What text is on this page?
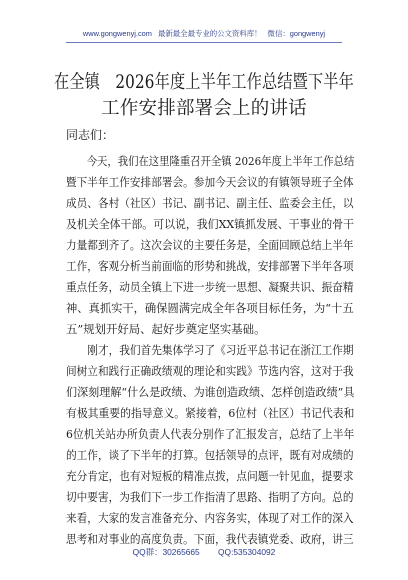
www.gongwenyj.com 最新最全最专业的公文资料库！ 微信：gongwenyj
在全镇　2026年度上半年工作总结暨下半年
工作安排部署会上的讲话
同志们：
　　今天，我们在这里隆重召开全镇 2026年度上半年工作总结
暨下半年工作安排部署会。参加今天会议的有镇领导班子全体
成员、各村（社区）书记、副书记、副主任、监委会主任，以
及机关全体干部。可以说，我们XX镇抓发展、干事业的骨干
力量都到齐了。这次会议的主要任务是，全面回顾总结上半年
工作，客观分析当前面临的形势和挑战，安排部署下半年各项
重点任务，动员全镇上下进一步统一思想、凝聚共识、振奋精
神、真抓实干，确保圆满完成全年各项目标任务，为“十五
五”规划开好局、起好步奠定坚实基础。
　　刚才，我们首先集体学习了《习近平总书记在浙江工作期
间树立和践行正确政绩观的理论和实践》节选内容，这对于我
们深刻理解“什么是政绩、为谁创造政绩、怎样创造政绩”具
有极其重要的指导意义。紧接着，6位村（社区）书记代表和
6位机关站办所负责人代表分别作了汇报发言，总结了上半年
的工作，谈了下半年的打算。包括领导的点评，既有对成绩的
充分肯定，也有对短板的精准点拨，点问题一针见血，提要求
切中要害，为我们下一步工作指清了思路、指明了方向。总的
来看，大家的发言准备充分、内容务实，体现了对工作的深入
思考和对事业的高度负责。下面，我代表镇党委、政府，讲三
QQ群：30265665 QQ:535304092
